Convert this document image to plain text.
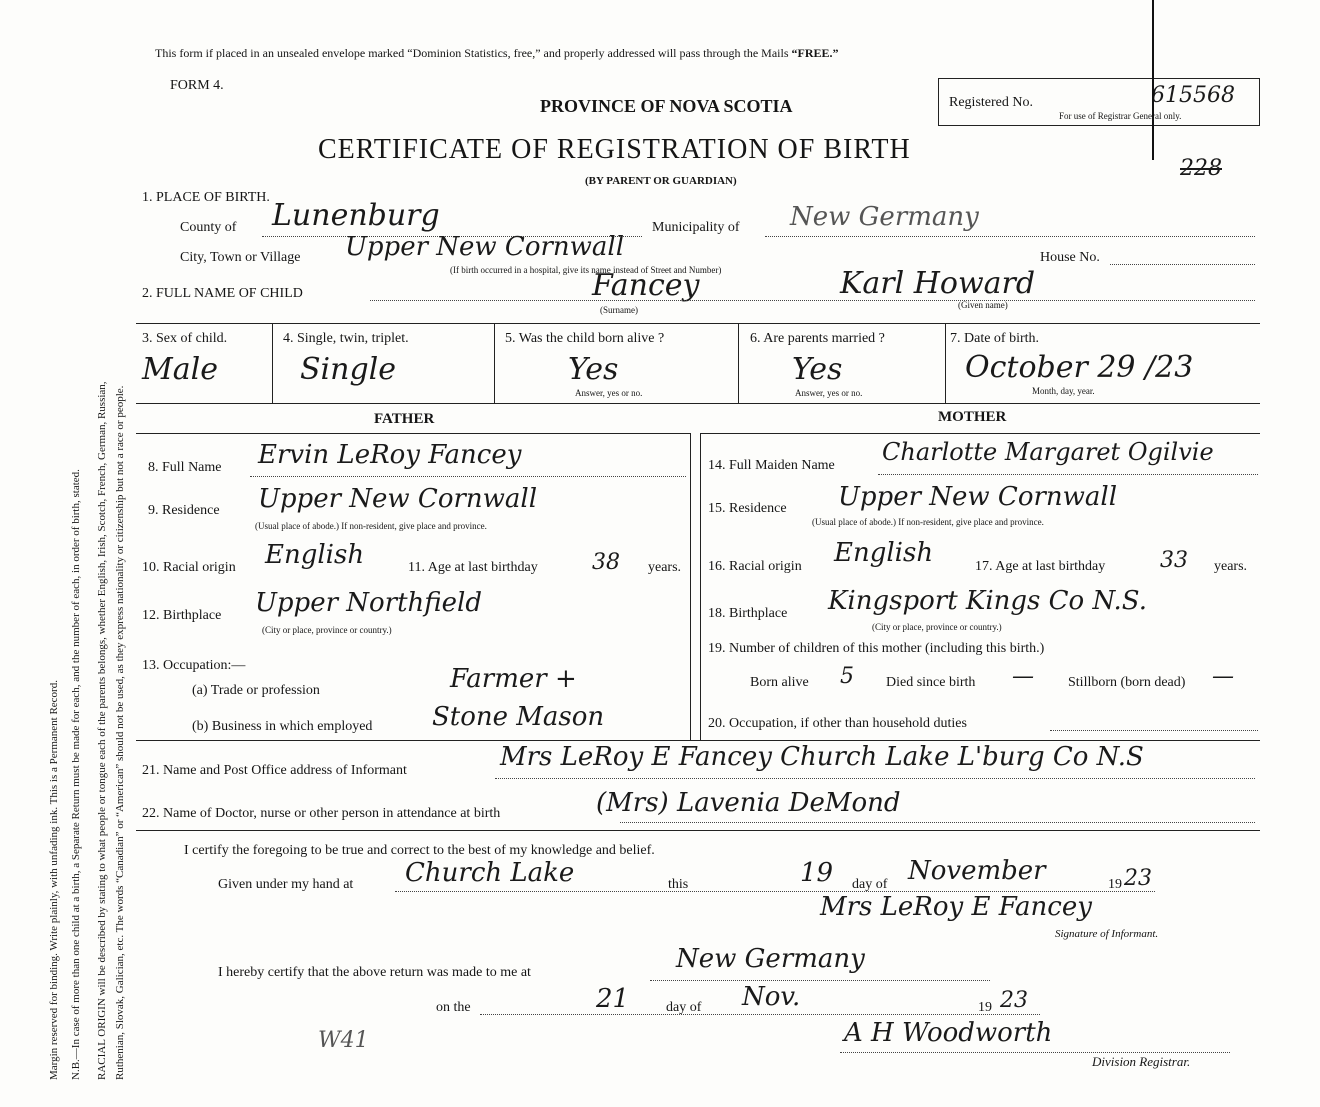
Margin reserved for binding. Write plainly, with unfading ink. This is a Permanent Record. N.B.—In case of more than one child at a birth, a Separate Return must be made for each, and the number of each, in order of birth, stated. RACIAL ORIGIN will be described by stating to what people or tongue each of the parents belongs, whether English, Irish, Scotch, French, German, Russian, Ruthenian, Slovak, Galician, etc. The words “Canadian” or “American” should not be used, as they express nationality or citizenship but not a race or people.
This form if placed in an unsealed envelope marked “Dominion Statistics, free,” and properly addressed will pass through the Mails “FREE.”
FORM 4.
PROVINCE OF NOVA SCOTIA
CERTIFICATE OF REGISTRATION OF BIRTH
(BY PARENT OR GUARDIAN)
Registered No.	615568
For use of Registrar General only.
228
1. PLACE OF BIRTH.
County of Lunenburg	Municipality of New Germany
City, Town or Village Upper New Cornwall
(If birth occurred in a hospital, give its name instead of Street and Number)
House No.
2. FULL NAME OF CHILD	Fancey
(Surname)
Karl Howard
(Given name)
3. Sex of child.
Male
4. Single, twin, triplet.
Single
5. Was the child born alive ?
Yes
Answer, yes or no.
6. Are parents married ?
Yes
Answer, yes or no.
7. Date of birth.
October 29 /23
Month, day, year.
FATHER	MOTHER
8. Full Name Ervin LeRoy Fancey
9. Residence Upper New Cornwall
(Usual place of abode.) If non-resident, give place and province.
10. Racial origin English	11. Age at last birthday 38 years.
12. Birthplace Upper Northfield
(City or place, province or country.)
13. Occupation:—
(a) Trade or profession	Farmer +
(b) Business in which employed Stone Mason
14. Full Maiden Name Charlotte Margaret Ogilvie
15. Residence Upper New Cornwall
(Usual place of abode.) If non-resident, give place and province.
16. Racial origin English	17. Age at last birthday 33 years.
18. Birthplace Kingsport Kings Co N.S.
(City or place, province or country.)
19. Number of children of this mother (including this birth.)
Born alive 5 Died since birth — Stillborn (born dead) —
20. Occupation, if other than household duties
21. Name and Post Office address of Informant	Mrs LeRoy E Fancey Church Lake L'burg Co N.S
22. Name of Doctor, nurse or other person in attendance at birth	(Mrs) Lavenia DeMond
I certify the foregoing to be true and correct to the best of my knowledge and belief.
Given under my hand at Church Lake	this	19 day of November	19 23
Mrs LeRoy E Fancey
Signature of Informant.
I hereby certify that the above return was made to me at	New Germany
on the	21	day of Nov.	19 23
W41	A H Woodworth
Division Registrar.
